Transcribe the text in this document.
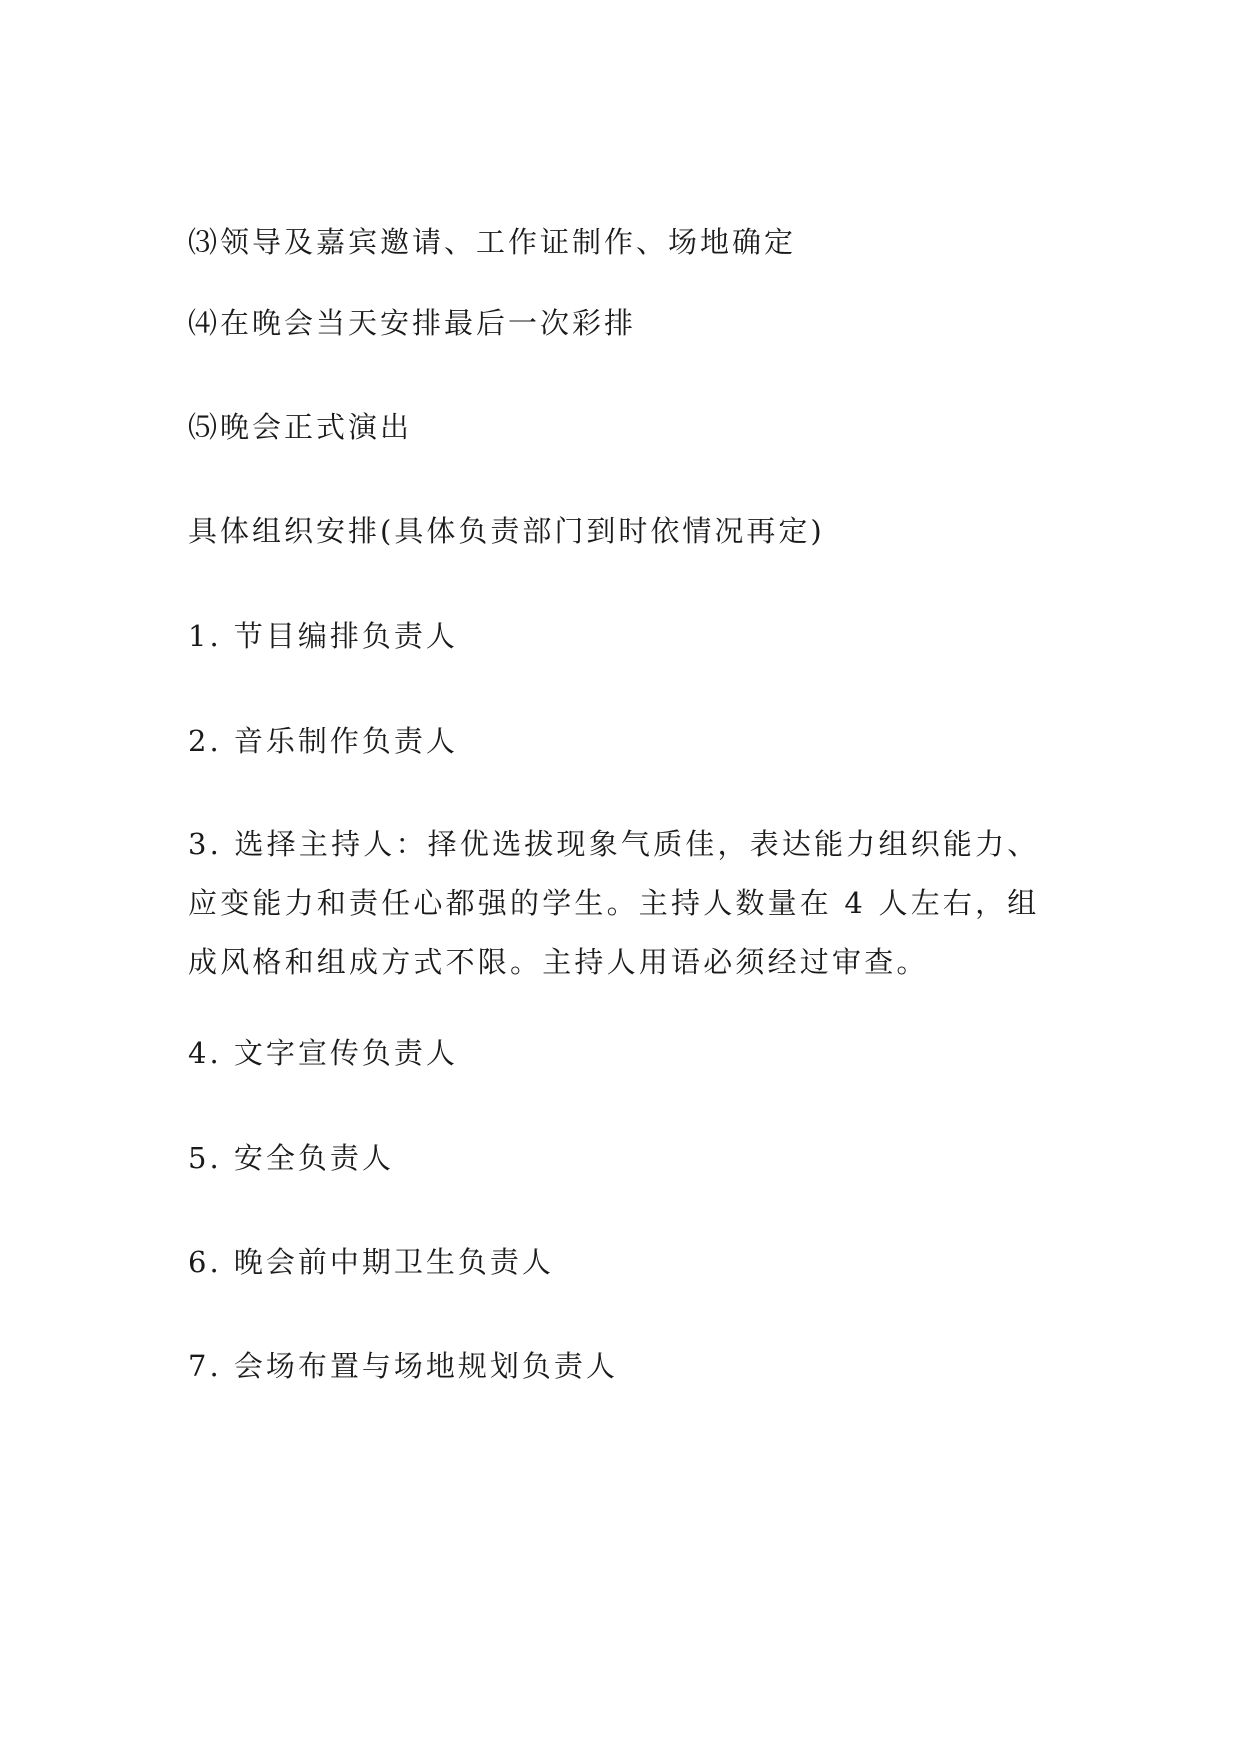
⑶领导及嘉宾邀请、工作证制作、场地确定

⑷在晚会当天安排最后一次彩排

⑸晚会正式演出

具体组织安排(具体负责部门到时依情况再定)

1. 节目编排负责人

2. 音乐制作负责人

3. 选择主持人：择优选拔现象气质佳，表达能力组织能力、
应变能力和责任心都强的学生。主持人数量在 4 人左右，组
成风格和组成方式不限。主持人用语必须经过审查。

4. 文字宣传负责人

5. 安全负责人

6. 晚会前中期卫生负责人

7. 会场布置与场地规划负责人
